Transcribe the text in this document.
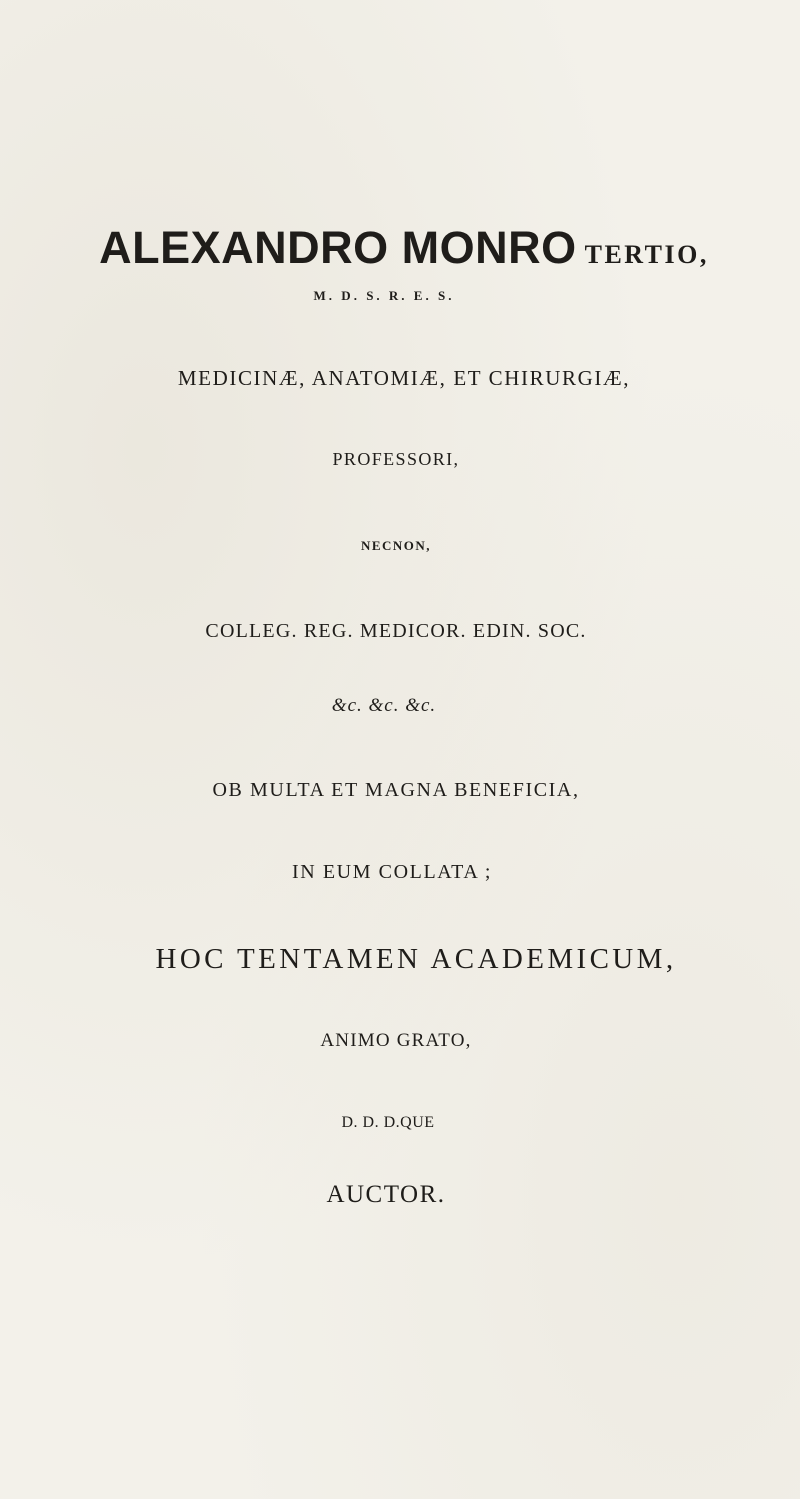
ALEXANDRO MONRO TERTIO,
M. D. S. R. E. S.
MEDICINÆ, ANATOMIÆ, ET CHIRURGIÆ,
PROFESSORI,
NECNON,
COLLEG. REG. MEDICOR. EDIN. SOC.
&c. &c. &c.
OB MULTA ET MAGNA BENEFICIA,
IN EUM COLLATA ;
HOC TENTAMEN ACADEMICUM,
ANIMO GRATO,
D. D. D.QUE
AUCTOR.
